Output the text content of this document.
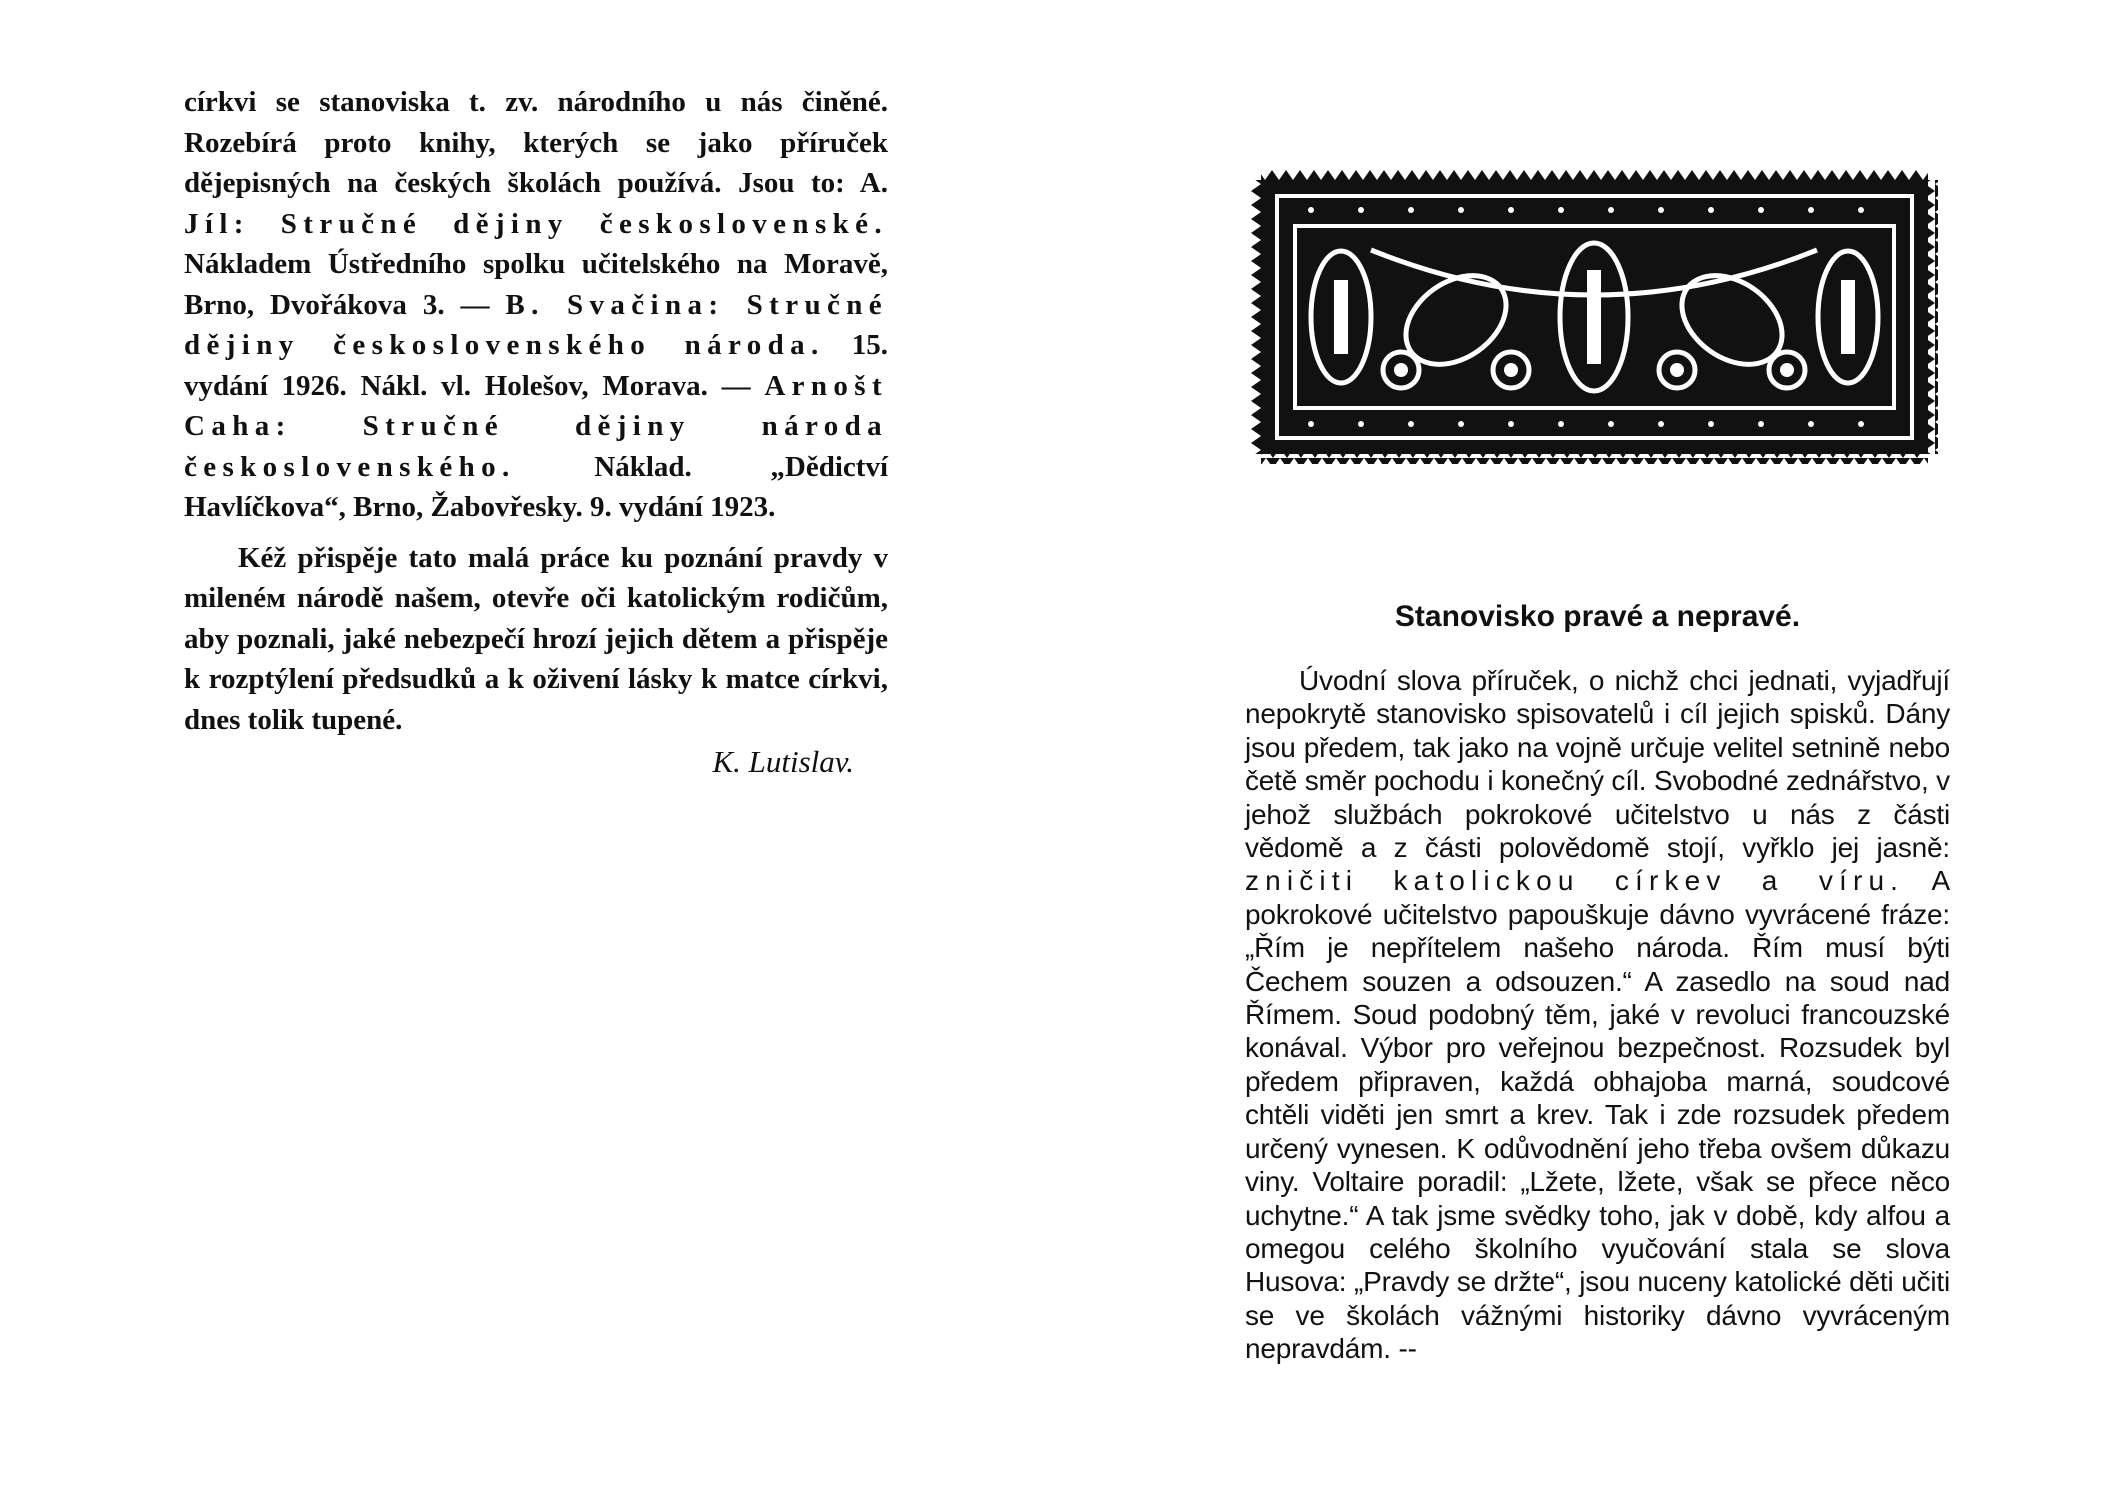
církvi se stanoviska t. zv. národního u nás činěné. Rozebírá proto knihy, kterých se jako příruček dějepisných na českých školách používá. Jsou to: A. Jíl: Stručné dějiny československé. Nákladem Ústředního spolku učitelského na Moravě, Brno, Dvořákova 3. — B. Svačina: Stručné dějiny československého národa. 15. vydání 1926. Nákl. vl. Holešov, Morava. — Arnošt Caha: Stručné dějiny národa československého. Náklad. „Dědictví Havlíčkova“, Brno, Žabovřesky. 9. vydání 1923.

Kéž přispěje tato malá práce ku poznání pravdy v milenéм národě našem, otevře oči katolickým rodičům, aby poznali, jaké nebezpečí hrozí jejich dětem a přispěje k rozptýlení předsudků a k oživení lásky k matce církvi, dnes tolik tupené.

K. Lutislav.
Stanovisko pravé a nepravé.

Úvodní slova příruček, o nichž chci jednati, vyjadřují nepokrytě stanovisko spisovatelů i cíl jejich spisků. Dány jsou předem, tak jako na vojně určuje velitel setnině nebo četě směr pochodu i konečný cíl. Svobodné zednářstvo, v jehož službách pokrokové učitelstvo u nás z části vědomě a z části polovědomě stojí, vyřklo jej jasně: zničiti katolickou církev a víru. A pokrokové učitelstvo papouškuje dávno vyvrácené fráze: „Řím je nepřítelem našeho národa. Řím musí býti Čechem souzen a odsouzen.“ A zasedlo na soud nad Římem. Soud podobný těm, jaké v revoluci francouzské konával. Výbor pro veřejnou bezpečnost. Rozsudek byl předem připraven, každá obhajoba marná, soudcové chtěli viděti jen smrt a krev. Tak i zde rozsudek předem určený vynesen. K odůvodnění jeho třeba ovšem důkazu viny. Voltaire poradil: „Lžete, lžete, však se přece něco uchytne.“ A tak jsme svědky toho, jak v době, kdy alfou a omegou celého školního vyučování stala se slova Husova: „Pravdy se držte“, jsou nuceny katolické děti učiti se ve školách vážnými historiky dávno vyvráceným nepravdám. --
